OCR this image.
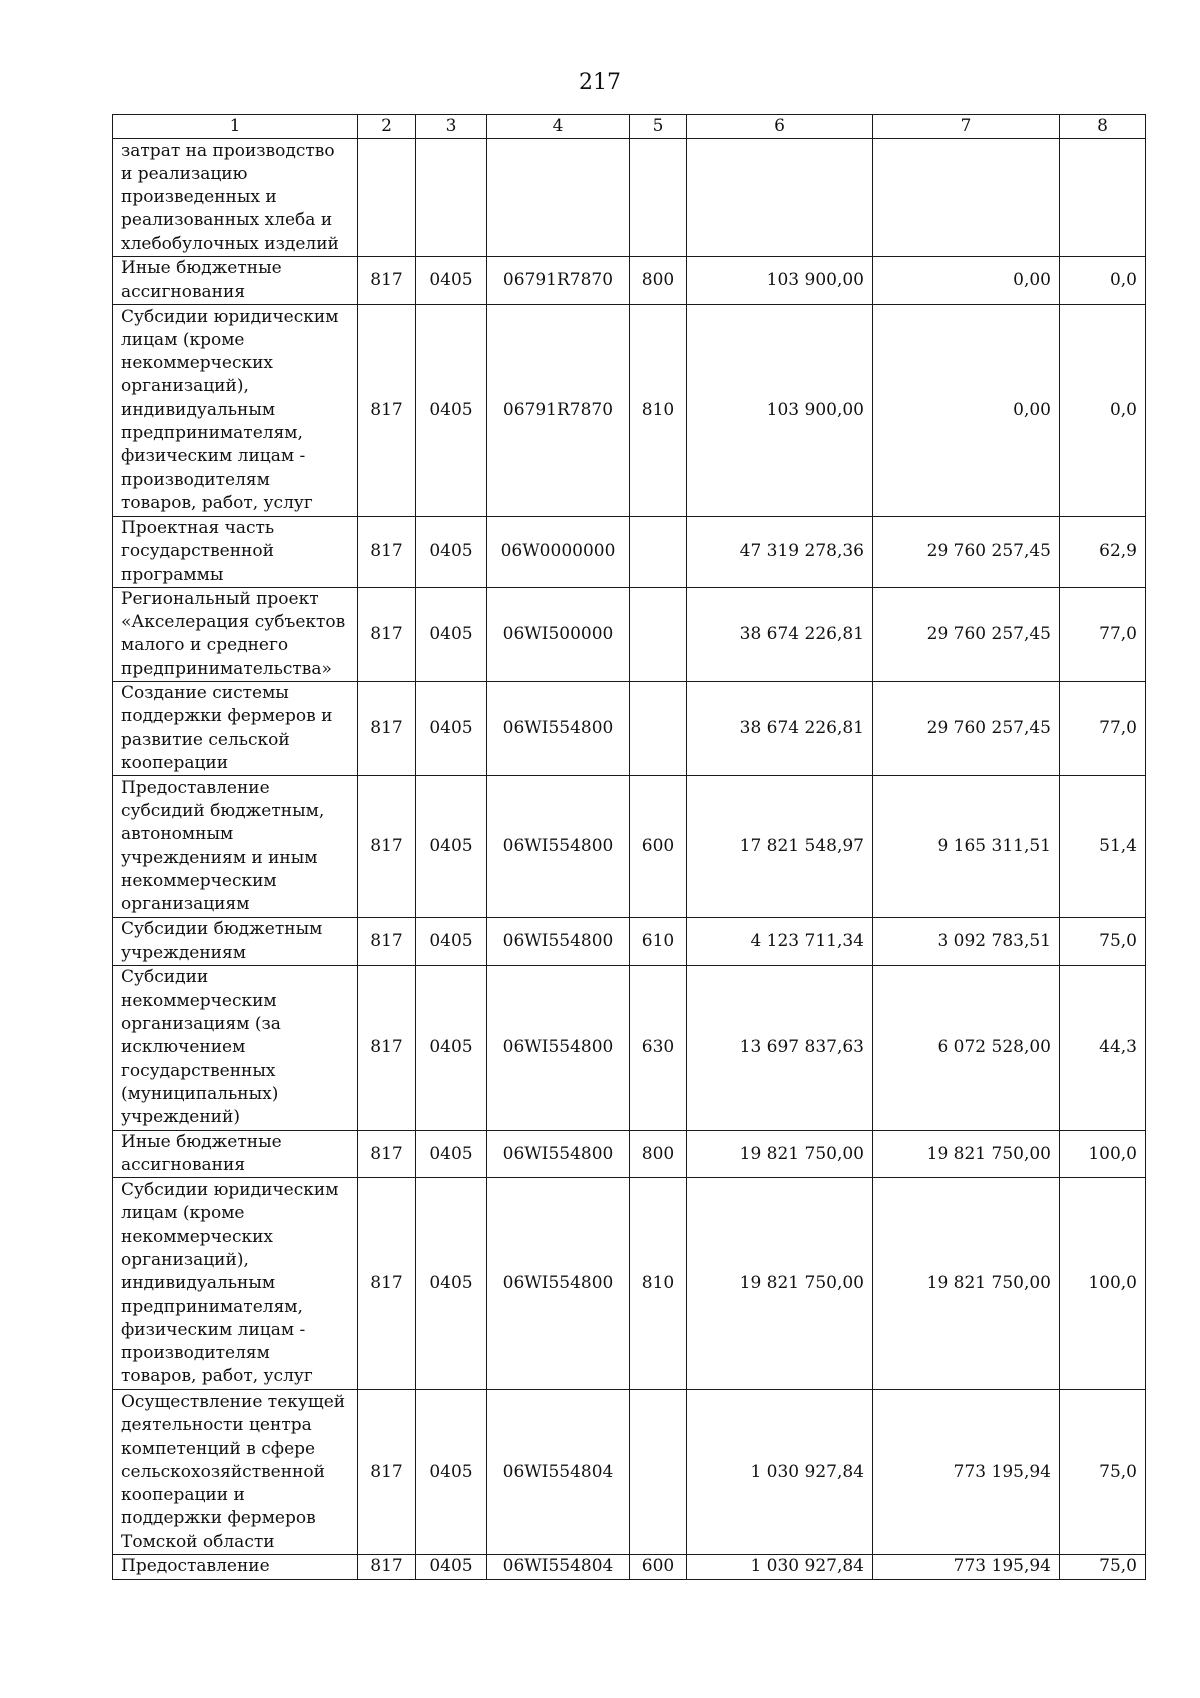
217
1	2	3	4	5	6	7	8
затрат на производство и реализацию произведенных и реализованных хлеба и хлебобулочных изделий							
Иные бюджетные ассигнования	817	0405	06791R7870	800	103 900,00	0,00	0,0
Субсидии юридическим лицам (кроме некоммерческих организаций), индивидуальным предпринимателям, физическим лицам - производителям товаров, работ, услуг	817	0405	06791R7870	810	103 900,00	0,00	0,0
Проектная часть государственной программы	817	0405	06W0000000		47 319 278,36	29 760 257,45	62,9
Региональный проект «Акселерация субъектов малого и среднего предпринимательства»	817	0405	06WI500000		38 674 226,81	29 760 257,45	77,0
Создание системы поддержки фермеров и развитие сельской кооперации	817	0405	06WI554800		38 674 226,81	29 760 257,45	77,0
Предоставление субсидий бюджетным, автономным учреждениям и иным некоммерческим организациям	817	0405	06WI554800	600	17 821 548,97	9 165 311,51	51,4
Субсидии бюджетным учреждениям	817	0405	06WI554800	610	4 123 711,34	3 092 783,51	75,0
Субсидии некоммерческим организациям (за исключением государственных (муниципальных) учреждений)	817	0405	06WI554800	630	13 697 837,63	6 072 528,00	44,3
Иные бюджетные ассигнования	817	0405	06WI554800	800	19 821 750,00	19 821 750,00	100,0
Субсидии юридическим лицам (кроме некоммерческих организаций), индивидуальным предпринимателям, физическим лицам - производителям товаров, работ, услуг	817	0405	06WI554800	810	19 821 750,00	19 821 750,00	100,0
Осуществление текущей деятельности центра компетенций в сфере сельскохозяйственной кооперации и поддержки фермеров Томской области	817	0405	06WI554804		1 030 927,84	773 195,94	75,0
Предоставление	817	0405	06WI554804	600	1 030 927,84	773 195,94	75,0
